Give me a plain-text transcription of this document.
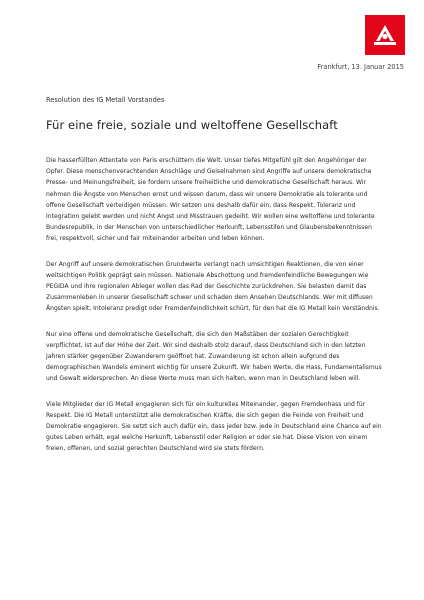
Frankfurt, 13. Januar 2015
Resolution des IG Metall Vorstandes
Für eine freie, soziale und weltoffene Gesellschaft

Die hasserfüllten Attentate von Paris erschüttern die Welt. Unser tiefes Mitgefühl gilt den Angehöriger der Opfer. Diese menschenverachtenden Anschläge und Geiselnahmen sind Angriffe auf unsere demokratische Presse- und Meinungsfreiheit, sie fordern unsere freiheitliche und demokratische Gesellschaft heraus. Wir nehmen die Ängste von Menschen ernst und wissen darum, dass wir unsere Demokratie als tolerante und offene Gesellschaft verteidigen müssen. Wir setzen uns deshalb dafür ein, dass Respekt, Toleranz und Integration gelebt werden und nicht Angst und Misstrauen gedeiht. Wir wollen eine weltoffene und tolerante Bundesrepublik, in der Menschen von unterschiedlicher Herkunft, Lebensstilen und Glaubensbekenntnissen frei, respektvoll, sicher und fair miteinander arbeiten und leben können.

Der Angriff auf unsere demokratischen Grundwerte verlangt nach umsichtigen Reaktionen, die von einer weitsichtigen Politik geprägt sein müssen. Nationale Abschottung und fremdenfeindliche Bewegungen wie PEGIDA und ihre regionalen Ableger wollen das Rad der Geschichte zurückdrehen. Sie belasten damit das Zusammenleben in unserer Gesellschaft schwer und schaden dem Ansehen Deutschlands. Wer mit diffusen Ängsten spielt, Intoleranz predigt oder Fremdenfeindlichkeit schürt, für den hat die IG Metall kein Verständnis.

Nur eine offene und demokratische Gesellschaft, die sich den Maßstäben der sozialen Gerechtigkeit verpflichtet, ist auf der Höhe der Zeit. Wir sind deshalb stolz darauf, dass Deutschland sich in den letzten Jahren stärker gegenüber Zuwanderern geöffnet hat. Zuwanderung ist schon allein aufgrund des demographischen Wandels eminent wichtig für unsere Zukunft. Wir haben Werte, die Hass, Fundamentalismus und Gewalt widersprechen. An diese Werte muss man sich halten, wenn man in Deutschland leben will.

Viele Mitglieder der IG Metall engagieren sich für ein kulturelles Miteinander, gegen Fremdenhass und für Respekt. Die IG Metall unterstützt alle demokratischen Kräfte, die sich gegen die Feinde von Freiheit und Demokratie engagieren. Sie setzt sich auch dafür ein, dass jeder bzw. jede in Deutschland eine Chance auf ein gutes Leben erhält, egal welche Herkunft, Lebensstil oder Religion er oder sie hat. Diese Vision von einem freien, offenen, und sozial gerechten Deutschland wird sie stets fördern.
